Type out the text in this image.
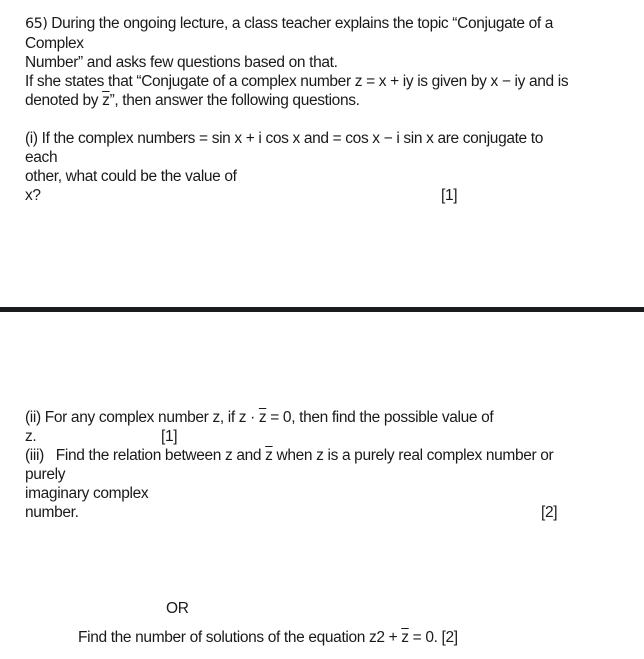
65) During the ongoing lecture, a class teacher explains the topic “Conjugate of a
Complex
Number” and asks few questions based on that.
If she states that “Conjugate of a complex number z = x + iy is given by x − iy and is
denoted by $\overline{z}$”, then answer the following questions.
(i) If the complex numbers = sin x + i cos x and = cos x − i sin x are conjugate to
each
other, what could be the value of
x?	[1]
(ii) For any complex number z, if $z \cdot \overline{z} = 0$, then find the possible value of
z.	[1]
(iii)   Find the relation between z and $\overline{z}$ when z is a purely real complex number or
purely
imaginary complex
number.	[2]
OR
Find the number of solutions of the equation $z2 + \overline{z} = 0$. [2]
